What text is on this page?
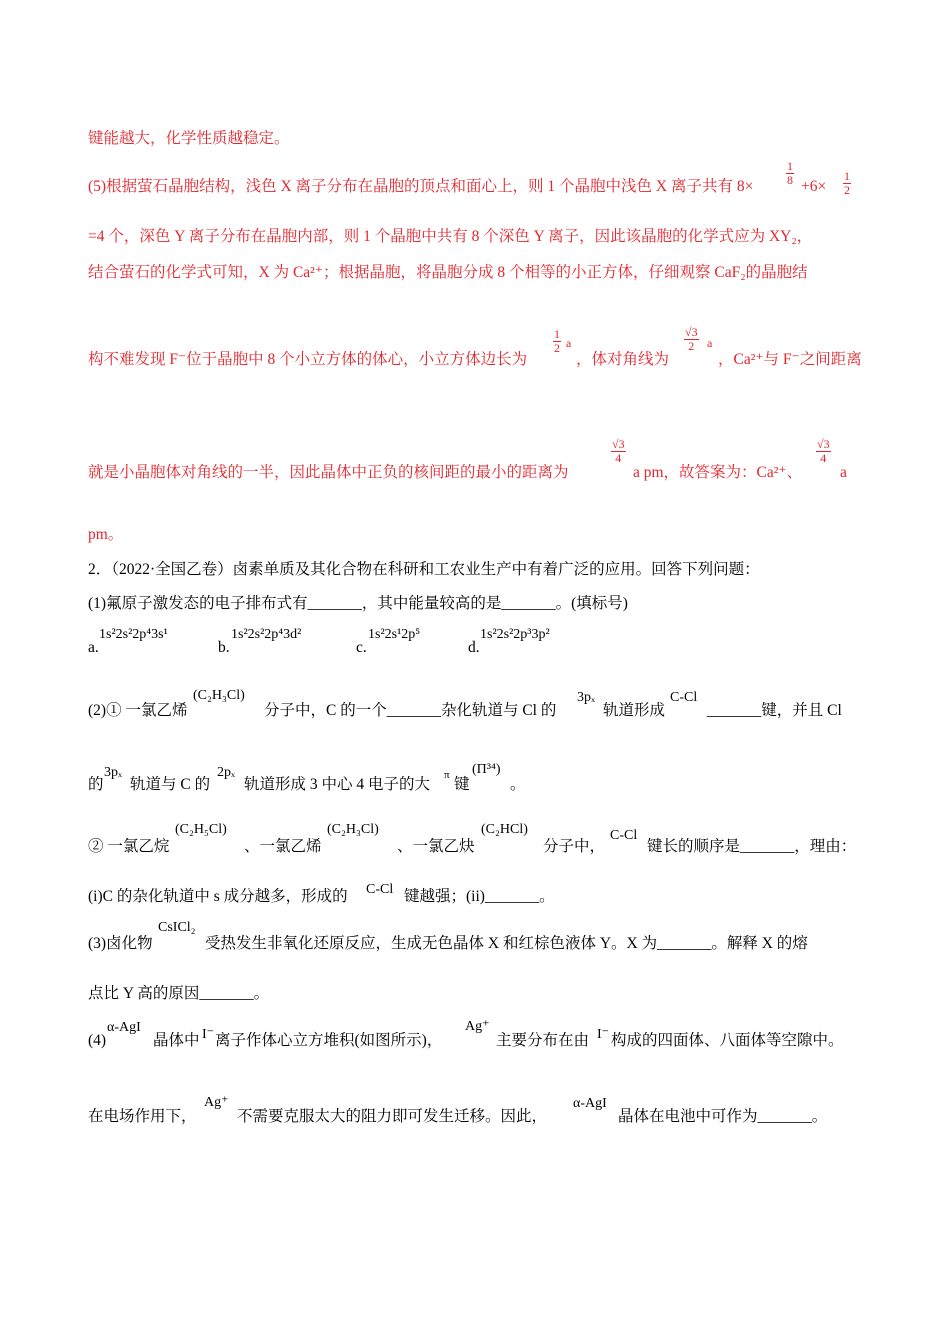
键能越大，化学性质越稳定。
(5)根据萤石晶胞结构，浅色 X 离子分布在晶胞的顶点和面心上，则 1 个晶胞中浅色 X 离子共有 8×	$\frac{1}{8} +6\times \frac{1}{2}$
=4 个，深色 Y 离子分布在晶胞内部，则 1 个晶胞中共有 8 个深色 Y 离子，因此该晶胞的化学式应为 XY₂，
结合萤石的化学式可知，X 为 Ca²⁺；根据晶胞，将晶胞分成 8 个相等的小正方体，仔细观察 CaF₂的晶胞结
构不难发现 F⁻位于晶胞中 8 个小立方体的体心，小立方体边长为
$\frac{1}{2}$ a
，体对角线为
$\frac{√3}{2}$ a
，Ca²⁺与 F⁻之间距离
就是小晶胞体对角线的一半，因此晶体中正负的核间距的最小的距离为
$\frac{√3}{4}$
a pm，故答案为：Ca²⁺、
$\frac{√3}{4}$
a
pm。
2．（2022·全国乙卷）卤素单质及其化合物在科研和工农业生产中有着广泛的应用。回答下列问题：
(1)氟原子激发态的电子排布式有_______，其中能量较高的是_______。(填标号)
a.
1s²2s²2p⁴3s¹
b.
1s²2s²2p⁴3d²
c.
1s²2s¹2p⁵
d.
1s²2s²2p³3p²
(2)① 一氯乙烯
(C₂H₃Cl)
分子中，C 的一个_______杂化轨道与 Cl 的
3pₓ
轨道形成
C-Cl
_______键，并且 Cl
的
3pₓ
轨道与 C 的
2pₓ
轨道形成 3 中心 4 电子的大
π
键
(Π³⁴)
。
② 一氯乙烷
(C₂H₅Cl)
、一氯乙烯
(C₂H₃Cl)
、一氯乙炔
(C₂HCl)
分子中，
C-Cl
键长的顺序是_______，理由：
(i)C 的杂化轨道中 s 成分越多，形成的 C-Cl 键越强；(ii)_______。
(3)卤化物
CsICl₂
受热发生非氧化还原反应，生成无色晶体 X 和红棕色液体 Y。X 为_______。解释 X 的熔
点比 Y 高的原因_______。
(4)
α-AgI
晶体中 I⁻ 离子作体心立方堆积(如图所示)，
Ag⁺
主要分布在由 I⁻ 构成的四面体、八面体等空隙中。
在电场作用下，
Ag⁺
不需要克服太大的阻力即可发生迁移。因此，
α-AgI
晶体在电池中可作为_______。
